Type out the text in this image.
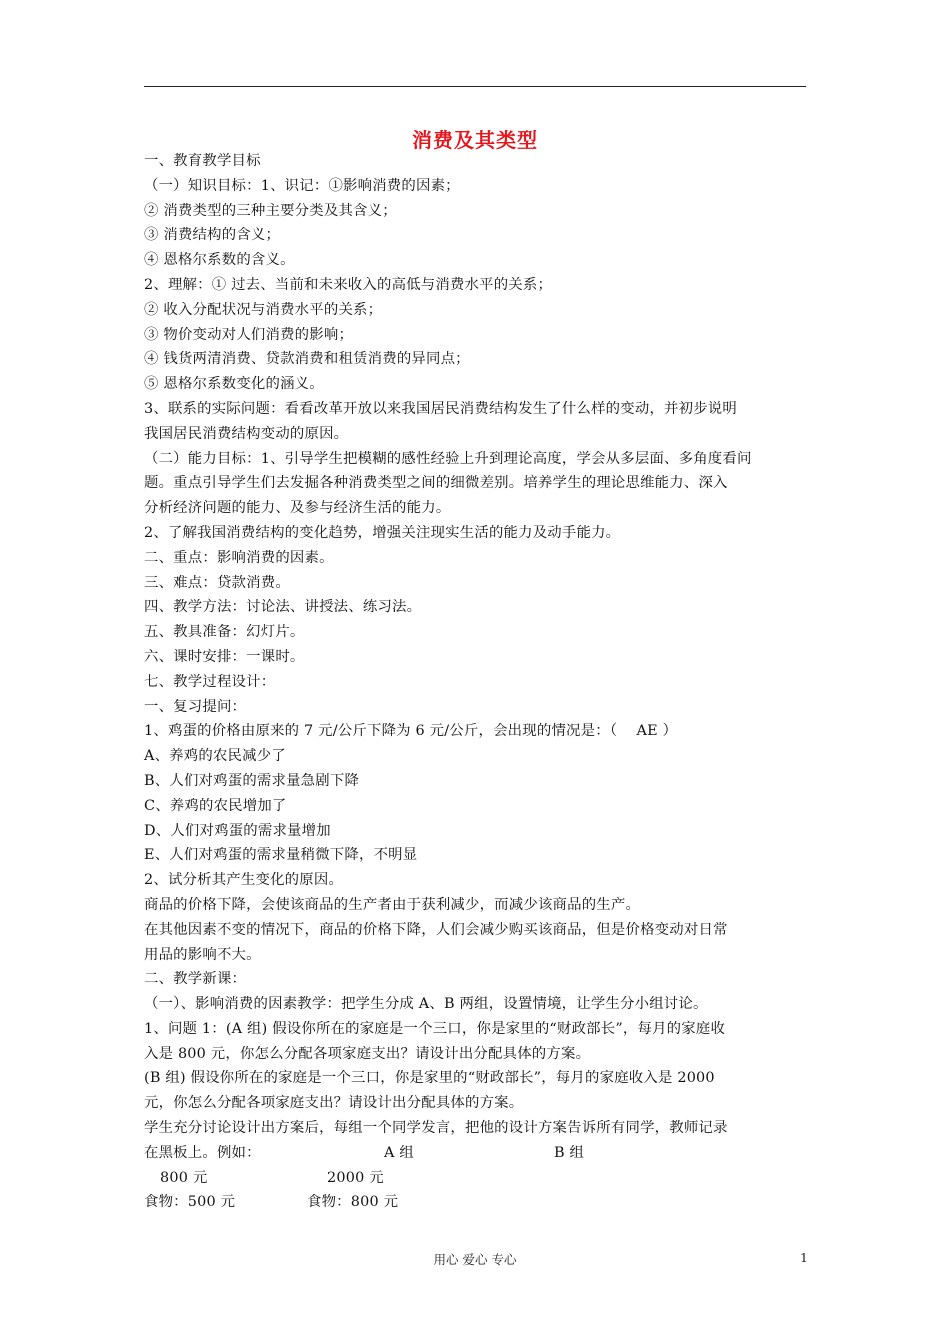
消费及其类型
一、教育教学目标
（一）知识目标：1、识记：①影响消费的因素；
② 消费类型的三种主要分类及其含义；
③ 消费结构的含义；
④ 恩格尔系数的含义。
2、理解：① 过去、当前和未来收入的高低与消费水平的关系；
② 收入分配状况与消费水平的关系；
③ 物价变动对人们消费的影响；
④ 钱货两清消费、贷款消费和租赁消费的异同点；
⑤ 恩格尔系数变化的涵义。
3、联系的实际问题：看看改革开放以来我国居民消费结构发生了什么样的变动，并初步说明
我国居民消费结构变动的原因。
（二）能力目标：1、引导学生把模糊的感性经验上升到理论高度，学会从多层面、多角度看问
题。重点引导学生们去发掘各种消费类型之间的细微差别。培养学生的理论思维能力、深入
分析经济问题的能力、及参与经济生活的能力。
2、了解我国消费结构的变化趋势，增强关注现实生活的能力及动手能力。
二、重点：影响消费的因素。
三、难点：贷款消费。
四、教学方法：讨论法、讲授法、练习法。
五、教具准备：幻灯片。
六、课时安排：一课时。
七、教学过程设计：
一、复习提问：
1、鸡蛋的价格由原来的 7 元/公斤下降为 6 元/公斤，会出现的情况是：（　 AE ）
A、养鸡的农民减少了
B、人们对鸡蛋的需求量急剧下降
C、养鸡的农民增加了
D、人们对鸡蛋的需求量增加
E、人们对鸡蛋的需求量稍微下降，不明显
2、试分析其产生变化的原因。
商品的价格下降，会使该商品的生产者由于获利减少，而减少该商品的生产。
在其他因素不变的情况下，商品的价格下降，人们会减少购买该商品，但是价格变动对日常
用品的影响不大。
二、教学新课：
（一）、影响消费的因素教学：把学生分成 A、B 两组，设置情境，让学生分小组讨论。
1、问题 1：(A 组) 假设你所在的家庭是一个三口，你是家里的“财政部长”，每月的家庭收
入是 800 元，你怎么分配各项家庭支出？请设计出分配具体的方案。
(B 组) 假设你所在的家庭是一个三口，你是家里的“财政部长”，每月的家庭收入是 2000
元，你怎么分配各项家庭支出？请设计出分配具体的方案。
学生充分讨论设计出方案后，每组一个同学发言，把他的设计方案告诉所有同学，教师记录
在黑板上。例如：	A 组	B 组
800 元	2000 元
食物：500 元	食物：800 元
用心 爱心 专心	1
